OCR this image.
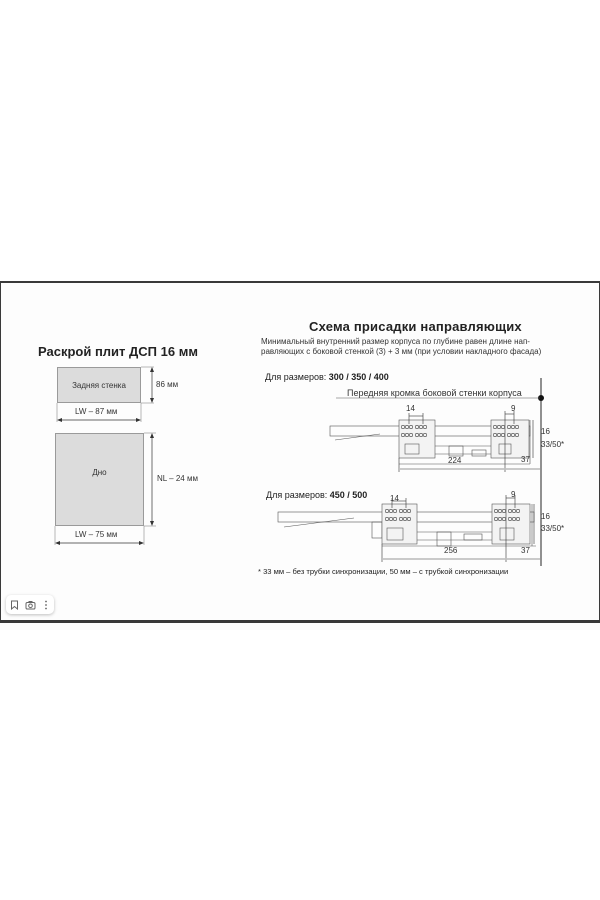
Раскрой плит ДСП 16 мм
Задняя стенка	86 мм
LW – 87 мм
Дно
NL – 24 мм
LW – 75 мм
Схема присадки направляющих
Минимальный внутренний размер корпуса по глубине равен длине нап-
равляющих с боковой стенкой (3) + 3 мм (при условии накладного фасада)
Для размеров: 300 / 350 / 400
Передняя кромка боковой стенки корпуса
14	9
224	37
16
33/50*
Для размеров: 450 / 500	14	9
256	37
16
33/50*
* 33 мм – без трубки синхронизации, 50 мм – с трубкой синхронизации
